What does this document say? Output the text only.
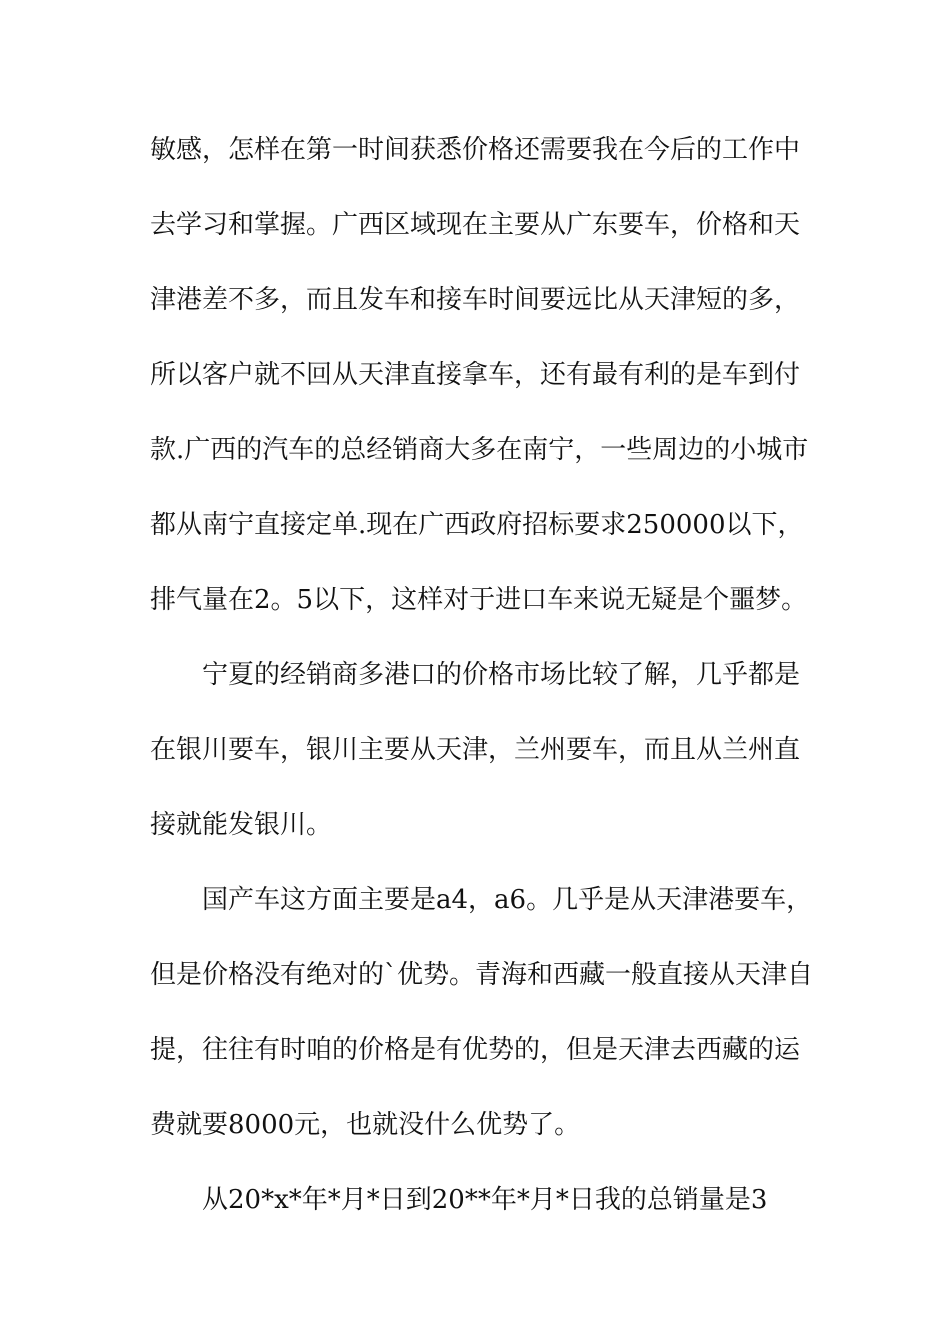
敏感，怎样在第一时间获悉价格还需要我在今后的工作中
去学习和掌握。广西区域现在主要从广东要车，价格和天
津港差不多，而且发车和接车时间要远比从天津短的多，
所以客户就不回从天津直接拿车，还有最有利的是车到付
款.广西的汽车的总经销商大多在南宁，一些周边的小城市
都从南宁直接定单.现在广西政府招标要求250000以下，
排气量在2。5以下，这样对于进口车来说无疑是个噩梦。
宁夏的经销商多港口的价格市场比较了解，几乎都是
在银川要车，银川主要从天津，兰州要车，而且从兰州直
接就能发银川。
国产车这方面主要是a4，a6。几乎是从天津港要车，
但是价格没有绝对的`优势。青海和西藏一般直接从天津自
提，往往有时咱的价格是有优势的，但是天津去西藏的运
费就要8000元，也就没什么优势了。
从20*x*年*月*日到20**年*月*日我的总销量是3
